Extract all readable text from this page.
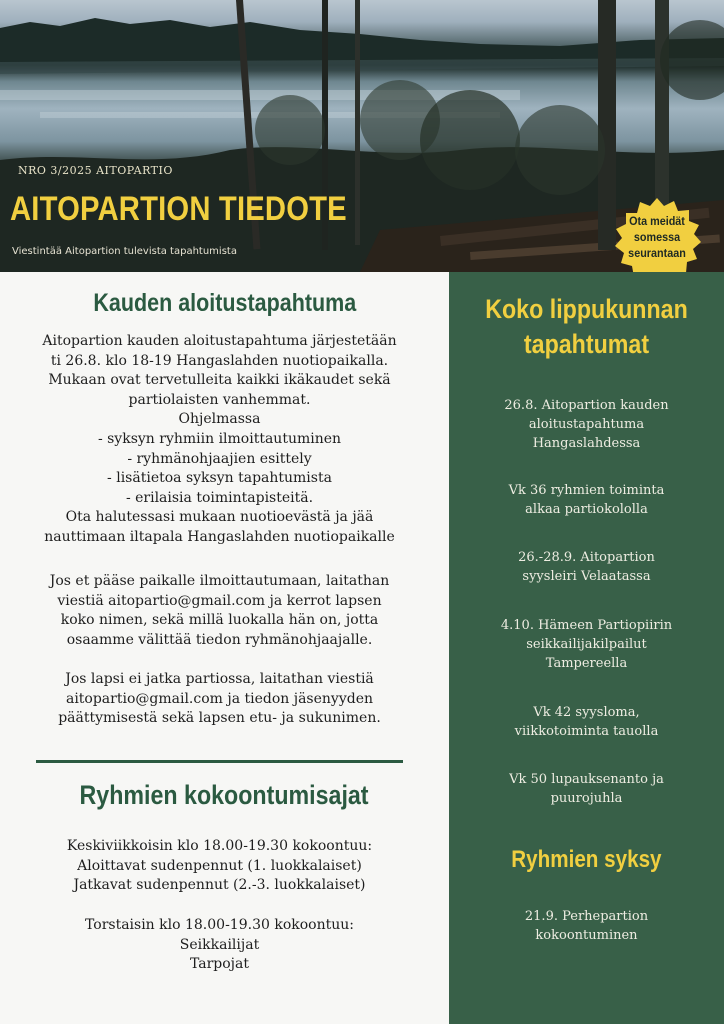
NRO 3/2025 AITOPARTIO
AITOPARTION TIEDOTE
Viestintää Aitopartion tulevista tapahtumista
Ota meidät
somessa
seurantaan
Kauden aloitustapahtuma
Aitopartion kauden aloitustapahtuma järjestetään
ti 26.8. klo 18-19 Hangaslahden nuotiopaikalla.
Mukaan ovat tervetulleita kaikki ikäkaudet sekä
partiolaisten vanhemmat.
Ohjelmassa
- syksyn ryhmiin ilmoittautuminen
- ryhmänohjaajien esittely
- lisätietoa syksyn tapahtumista
- erilaisia toimintapisteitä.
Ota halutessasi mukaan nuotioevästä ja jää
nauttimaan iltapala Hangaslahden nuotiopaikalle
Jos et pääse paikalle ilmoittautumaan, laitathan
viestiä aitopartio@gmail.com ja kerrot lapsen
koko nimen, sekä millä luokalla hän on, jotta
osaamme välittää tiedon ryhmänohjaajalle.
Jos lapsi ei jatka partiossa, laitathan viestiä
aitopartio@gmail.com ja tiedon jäsenyyden
päättymisestä sekä lapsen etu- ja sukunimen.
Ryhmien kokoontumisajat
Keskiviikkoisin klo 18.00-19.30 kokoontuu:
Aloittavat sudenpennut (1. luokkalaiset)
Jatkavat sudenpennut (2.-3. luokkalaiset)
Torstaisin klo 18.00-19.30 kokoontuu:
Seikkailijat
Tarpojat
Koko lippukunnan
tapahtumat
26.8. Aitopartion kauden
aloitustapahtuma
Hangaslahdessa
Vk 36 ryhmien toiminta
alkaa partiokololla
26.-28.9. Aitopartion
syysleiri Velaatassa
4.10. Hämeen Partiopiirin
seikkailijakilpailut
Tampereella
Vk 42 syysloma,
viikkotoiminta tauolla
Vk 50 lupauksenanto ja
puurojuhla
Ryhmien syksy
21.9. Perhepartion
kokoontuminen
